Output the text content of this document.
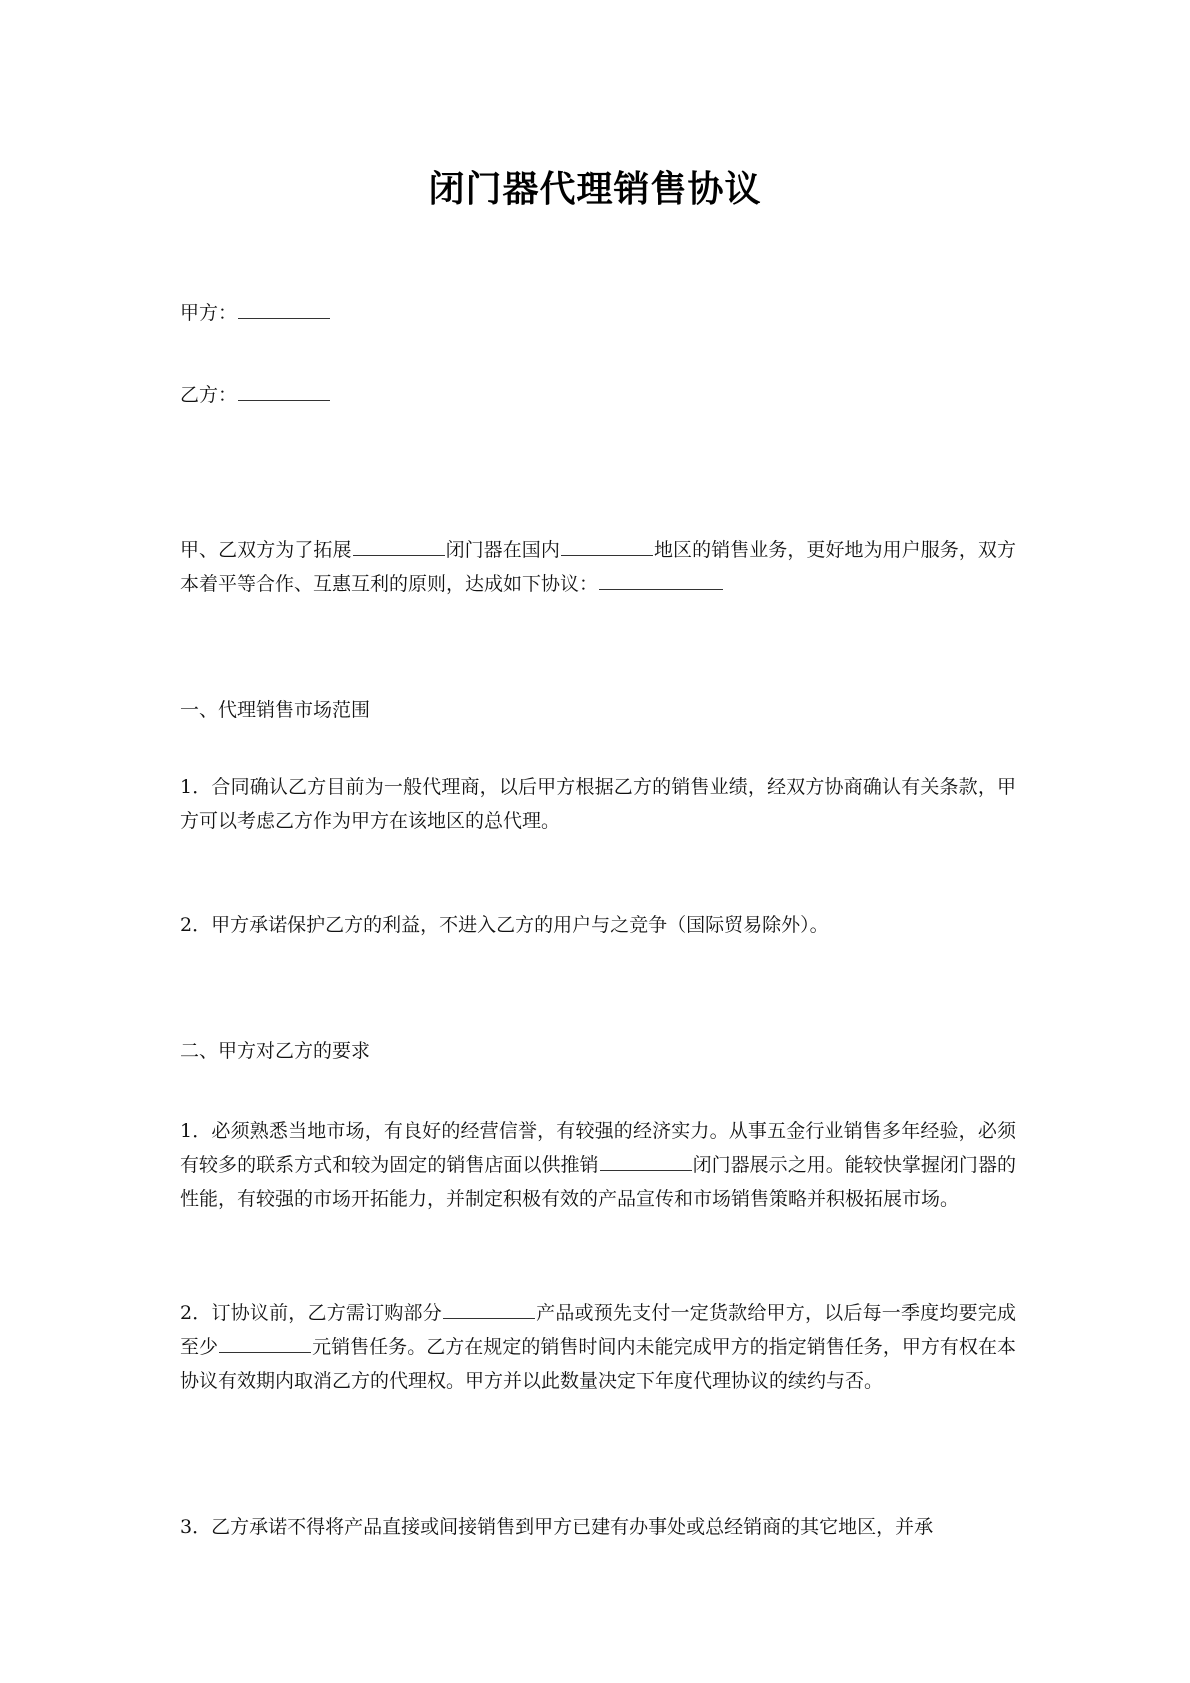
闭门器代理销售协议
甲方：
乙方：
甲、乙双方为了拓展	闭门器在国内	地区的销售业务，更好地为用户服务，双方本着平等合作、互惠互利的原则，达成如下协议：
一、代理销售市场范围
1．合同确认乙方目前为一般代理商，以后甲方根据乙方的销售业绩，经双方协商确认有关条款，甲方可以考虑乙方作为甲方在该地区的总代理。
2．甲方承诺保护乙方的利益，不进入乙方的用户与之竞争（国际贸易除外）。
二、甲方对乙方的要求
1．必须熟悉当地市场，有良好的经营信誉，有较强的经济实力。从事五金行业销售多年经验，必须有较多的联系方式和较为固定的销售店面以供推销	闭门器展示之用。能较快掌握闭门器的性能，有较强的市场开拓能力，并制定积极有效的产品宣传和市场销售策略并积极拓展市场。
2．订协议前，乙方需订购部分	产品或预先支付一定货款给甲方，以后每一季度均要完成至少	元销售任务。乙方在规定的销售时间内未能完成甲方的指定销售任务，甲方有权在本协议有效期内取消乙方的代理权。甲方并以此数量决定下年度代理协议的续约与否。
3．乙方承诺不得将产品直接或间接销售到甲方已建有办事处或总经销商的其它地区，并承
